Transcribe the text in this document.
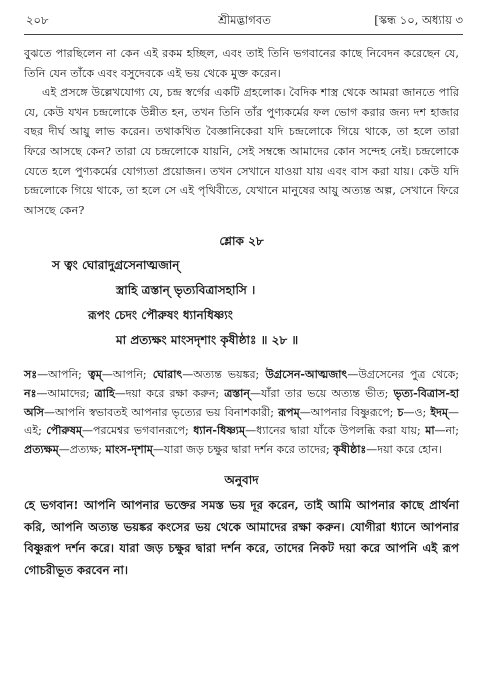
২০৮	শ্রীমদ্ভাগবত	[স্কন্ধ ১০, অধ্যায় ৩

বুঝতে পারছিলেন না কেন এই রকম হচ্ছিল, এবং তাই তিনি ভগবানের কাছে নিবেদন করেছেন যে, তিনি যেন তাঁকে এবং বসুদেবকে এই ভয় থেকে মুক্ত করেন।

এই প্রসঙ্গে উল্লেখযোগ্য যে, চন্দ্র স্বর্গের একটি গ্রহলোক। বৈদিক শাস্ত্র থেকে আমরা জানতে পারি যে, কেউ যখন চন্দ্রলোকে উন্নীত হন, তখন তিনি তাঁর পুণ্যকর্মের ফল ভোগ করার জন্য দশ হাজার বছর দীর্ঘ আয়ু লাভ করেন। তথাকথিত বৈজ্ঞানিকেরা যদি চন্দ্রলোকে গিয়ে থাকে, তা হলে তারা ফিরে আসছে কেন? তারা যে চন্দ্রলোকে যায়নি, সেই সম্বন্ধে আমাদের কোন সন্দেহ নেই। চন্দ্রলোকে যেতে হলে পুণ্যকর্মের যোগ্যতা প্রয়োজন। তখন সেখানে যাওয়া যায় এবং বাস করা যায়। কেউ যদি চন্দ্রলোকে গিয়ে থাকে, তা হলে সে এই পৃথিবীতে, যেখানে মানুষের আয়ু অত্যন্ত অল্প, সেখানে ফিরে আসছে কেন?

শ্লোক ২৮
স ত্বং ঘোরাদুগ্রসেনাত্মজান্
স্ত্রাহি ত্রস্তান্ ভৃত্যবিত্রাসহাসি ।
রূপং চেদং পৌরুষং ধ্যানধিষ্ণ্যং
মা প্রত্যক্ষং মাংসদৃশাং কৃষীষ্ঠাঃ ॥ ২৮ ॥
সঃ—আপনি; ত্বম্—আপনি; ঘোরাৎ—অত্যন্ত ভয়ঙ্কর; উগ্রসেন-আত্মজাৎ—উগ্রসেনের পুত্র থেকে; নঃ—আমাদের; ত্রাহি—দয়া করে রক্ষা করুন; ত্রস্তান্—যাঁরা তার ভয়ে অত্যন্ত ভীত; ভৃত্য-বিত্রাস-হা অসি—আপনি স্বভাবতই আপনার ভৃত্যের ভয় বিনাশকারী; রূপম্—আপনার বিষ্ণুরূপে; চ—ও; ইদম্—এই; পৌরুষম্—পরমেশ্বর ভগবানরূপে; ধ্যান-ধিষ্ণ্যম্—ধ্যানের দ্বারা যাঁকে উপলব্ধি করা যায়; মা—না; প্রত্যক্ষম্—প্রত্যক্ষ; মাংস-দৃশাম্—যারা জড় চক্ষুর দ্বারা দর্শন করে তাদের; কৃষীষ্ঠাঃ—দয়া করে হোন।
অনুবাদ
হে ভগবান! আপনি আপনার ভক্তের সমস্ত ভয় দূর করেন, তাই আমি আপনার কাছে প্রার্থনা করি, আপনি অত্যন্ত ভয়ঙ্কর কংসের ভয় থেকে আমাদের রক্ষা করুন। যোগীরা ধ্যানে আপনার বিষ্ণুরূপ দর্শন করে। যারা জড় চক্ষুর দ্বারা দর্শন করে, তাদের নিকট দয়া করে আপনি এই রূপ গোচরীভূত করবেন না।
